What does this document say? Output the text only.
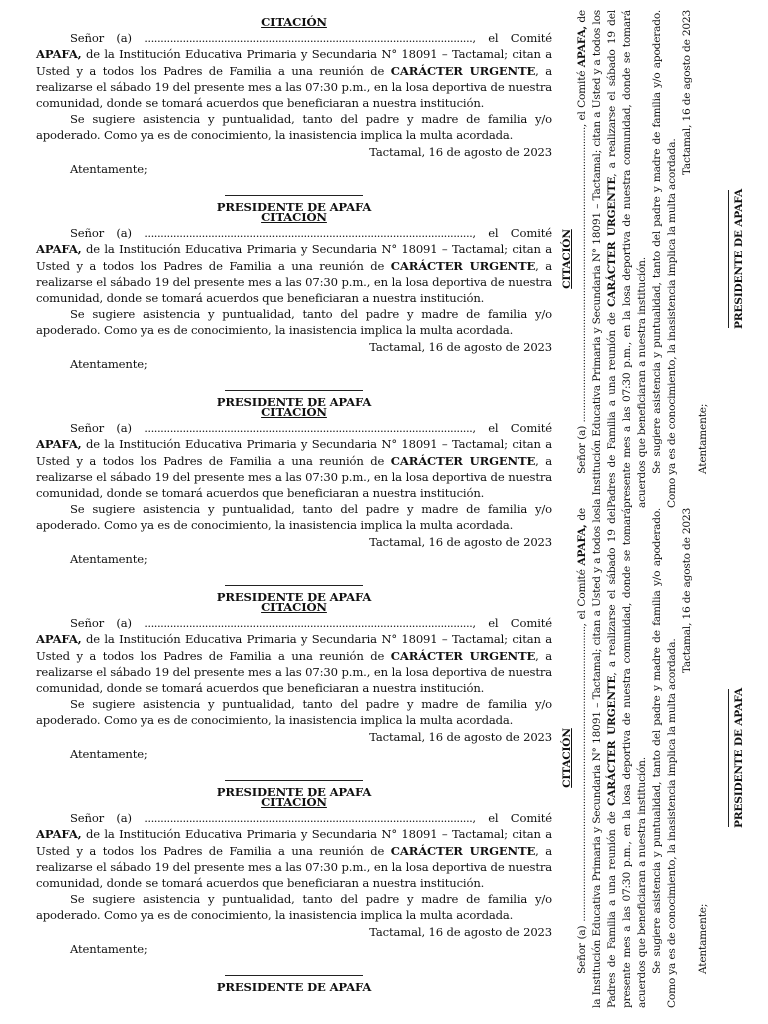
CITACIÓN

Señor (a) ......................................................................................................., el Comité APAFA, de la Institución Educativa Primaria y Secundaria N° 18091 – Tactamal; citan a Usted y a todos los Padres de Familia a una reunión de CARÁCTER URGENTE, a realizarse el sábado 19 del presente mes a las 07:30 p.m., en la losa deportiva de nuestra comunidad, donde se tomará acuerdos que beneficiaran a nuestra institución.

Se sugiere asistencia y puntualidad, tanto del padre y madre de familia y/o apoderado. Como ya es de conocimiento, la inasistencia implica la multa acordada.

Tactamal, 16 de agosto de 2023
Atentamente;
PRESIDENTE DE APAFA
CITACIÓN

Señor (a) ......................................................................................................., el Comité APAFA, de la Institución Educativa Primaria y Secundaria N° 18091 – Tactamal; citan a Usted y a todos los Padres de Familia a una reunión de CARÁCTER URGENTE, a realizarse el sábado 19 del presente mes a las 07:30 p.m., en la losa deportiva de nuestra comunidad, donde se tomará acuerdos que beneficiaran a nuestra institución.

Se sugiere asistencia y puntualidad, tanto del padre y madre de familia y/o apoderado. Como ya es de conocimiento, la inasistencia implica la multa acordada.

Tactamal, 16 de agosto de 2023
Atentamente;
PRESIDENTE DE APAFA
CITACIÓN

Señor (a) ......................................................................................................., el Comité APAFA, de la Institución Educativa Primaria y Secundaria N° 18091 – Tactamal; citan a Usted y a todos los Padres de Familia a una reunión de CARÁCTER URGENTE, a realizarse el sábado 19 del presente mes a las 07:30 p.m., en la losa deportiva de nuestra comunidad, donde se tomará acuerdos que beneficiaran a nuestra institución.

Se sugiere asistencia y puntualidad, tanto del padre y madre de familia y/o apoderado. Como ya es de conocimiento, la inasistencia implica la multa acordada.

Tactamal, 16 de agosto de 2023
Atentamente;
PRESIDENTE DE APAFA
CITACIÓN

Señor (a) ......................................................................................................., el Comité APAFA, de la Institución Educativa Primaria y Secundaria N° 18091 – Tactamal; citan a Usted y a todos los Padres de Familia a una reunión de CARÁCTER URGENTE, a realizarse el sábado 19 del presente mes a las 07:30 p.m., en la losa deportiva de nuestra comunidad, donde se tomará acuerdos que beneficiaran a nuestra institución.

Se sugiere asistencia y puntualidad, tanto del padre y madre de familia y/o apoderado. Como ya es de conocimiento, la inasistencia implica la multa acordada.

Tactamal, 16 de agosto de 2023
Atentamente;
PRESIDENTE DE APAFA
CITACIÓN

Señor (a) ......................................................................................................., el Comité APAFA, de la Institución Educativa Primaria y Secundaria N° 18091 – Tactamal; citan a Usted y a todos los Padres de Familia a una reunión de CARÁCTER URGENTE, a realizarse el sábado 19 del presente mes a las 07:30 p.m., en la losa deportiva de nuestra comunidad, donde se tomará acuerdos que beneficiaran a nuestra institución.

Se sugiere asistencia y puntualidad, tanto del padre y madre de familia y/o apoderado. Como ya es de conocimiento, la inasistencia implica la multa acordada.

Tactamal, 16 de agosto de 2023
Atentamente;
PRESIDENTE DE APAFA
CITACIÓN

Señor (a) ......................................................................................................., el Comité APAFA, de la Institución Educativa Primaria y Secundaria N° 18091 – Tactamal; citan a Usted y a todos los Padres de Familia a una reunión de CARÁCTER URGENTE, a realizarse el sábado 19 del presente mes a las 07:30 p.m., en la losa deportiva de nuestra comunidad, donde se tomará acuerdos que beneficiaran a nuestra institución. Se sugiere asistencia y puntualidad, tanto del padre y madre de familia y/o apoderado. Como ya es de conocimiento, la inasistencia implica la multa acordada.

Tactamal, 16 de agosto de 2023
Atentamente;
PRESIDENTE DE APAFA
CITACIÓN

Señor (a) ......................................................................................................., el Comité APAFA, de la Institución Educativa Primaria y Secundaria N° 18091 – Tactamal; citan a Usted y a todos los Padres de Familia a una reunión de CARÁCTER URGENTE, a realizarse el sábado 19 del presente mes a las 07:30 p.m., en la losa deportiva de nuestra comunidad, donde se tomará acuerdos que beneficiaran a nuestra institución. Se sugiere asistencia y puntualidad, tanto del padre y madre de familia y/o apoderado. Como ya es de conocimiento, la inasistencia implica la multa acordada.

Tactamal, 16 de agosto de 2023
Atentamente;
PRESIDENTE DE APAFA
